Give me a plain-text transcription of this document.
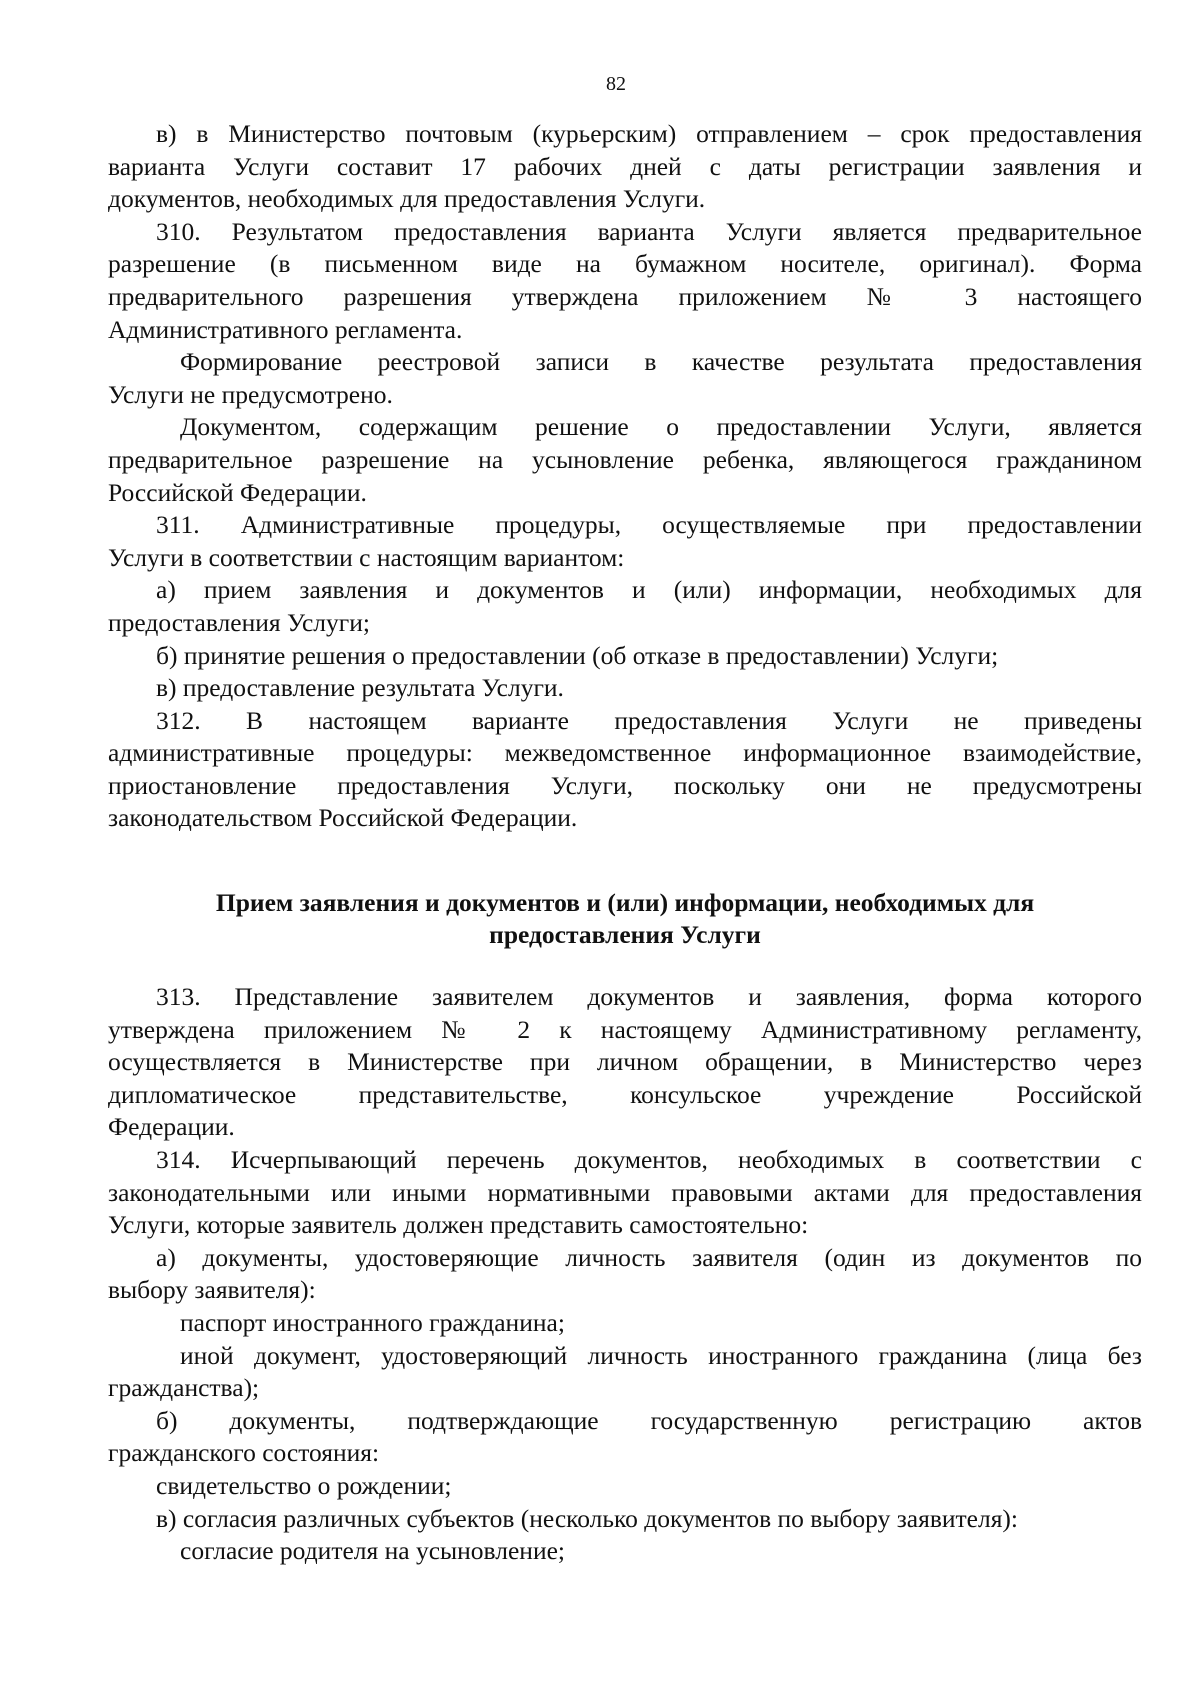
82

в) в Министерство почтовым (курьерским) отправлением – срок предоставления
варианта Услуги составит 17 рабочих дней с даты регистрации заявления и
документов, необходимых для предоставления Услуги.

310. Результатом предоставления варианта Услуги является предварительное
разрешение (в письменном виде на бумажном носителе, оригинал). Форма
предварительного разрешения утверждена приложением № 3 настоящего
Административного регламента.

Формирование реестровой записи в качестве результата предоставления
Услуги не предусмотрено.

Документом, содержащим решение о предоставлении Услуги, является
предварительное разрешение на усыновление ребенка, являющегося гражданином
Российской Федерации.

311. Административные процедуры, осуществляемые при предоставлении
Услуги в соответствии с настоящим вариантом:

а) прием заявления и документов и (или) информации, необходимых для
предоставления Услуги;

б) принятие решения о предоставлении (об отказе в предоставлении) Услуги;

в) предоставление результата Услуги.

312. В настоящем варианте предоставления Услуги не приведены
административные процедуры: межведомственное информационное взаимодействие,
приостановление предоставления Услуги, поскольку они не предусмотрены
законодательством Российской Федерации.

Прием заявления и документов и (или) информации, необходимых для
предоставления Услуги

313. Представление заявителем документов и заявления, форма которого
утверждена приложением № 2 к настоящему Административному регламенту,
осуществляется в Министерстве при личном обращении, в Министерство через
дипломатическое представительстве, консульское учреждение Российской
Федерации.

314. Исчерпывающий перечень документов, необходимых в соответствии с
законодательными или иными нормативными правовыми актами для предоставления
Услуги, которые заявитель должен представить самостоятельно:

а) документы, удостоверяющие личность заявителя (один из документов по
выбору заявителя):

паспорт иностранного гражданина;

иной документ, удостоверяющий личность иностранного гражданина (лица без
гражданства);

б) документы, подтверждающие государственную регистрацию актов
гражданского состояния:

свидетельство о рождении;

в) согласия различных субъектов (несколько документов по выбору заявителя):

согласие родителя на усыновление;
